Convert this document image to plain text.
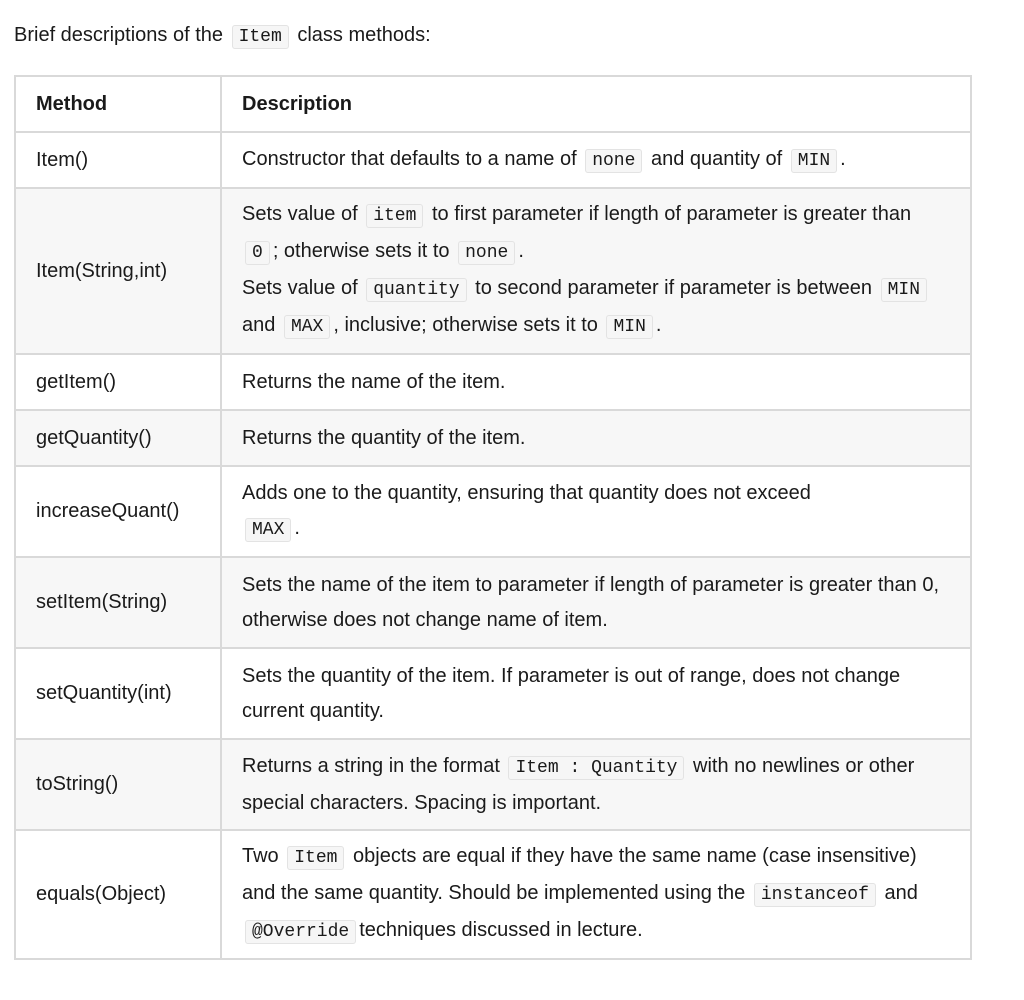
Brief descriptions of the Item class methods:
Method	Description
Item()	Constructor that defaults to a name of none and quantity of MIN .
Item(String,int)	Sets value of item to first parameter if length of parameter is greater than 0 ; otherwise sets it to none .
Sets value of quantity to second parameter if parameter is between MIN and MAX , inclusive; otherwise sets it to MIN .
getItem()	Returns the name of the item.
getQuantity()	Returns the quantity of the item.
increaseQuant()	Adds one to the quantity, ensuring that quantity does not exceed
MAX .
setItem(String)	Sets the name of the item to parameter if length of parameter is greater than 0, otherwise does not change name of item.
setQuantity(int)	Sets the quantity of the item. If parameter is out of range, does not change current quantity.
toString()	Returns a string in the format Item : Quantity with no newlines or other special characters. Spacing is important.
equals(Object)	Two Item objects are equal if they have the same name (case insensitive) and the same quantity. Should be implemented using the instanceof and @Override techniques discussed in lecture.
